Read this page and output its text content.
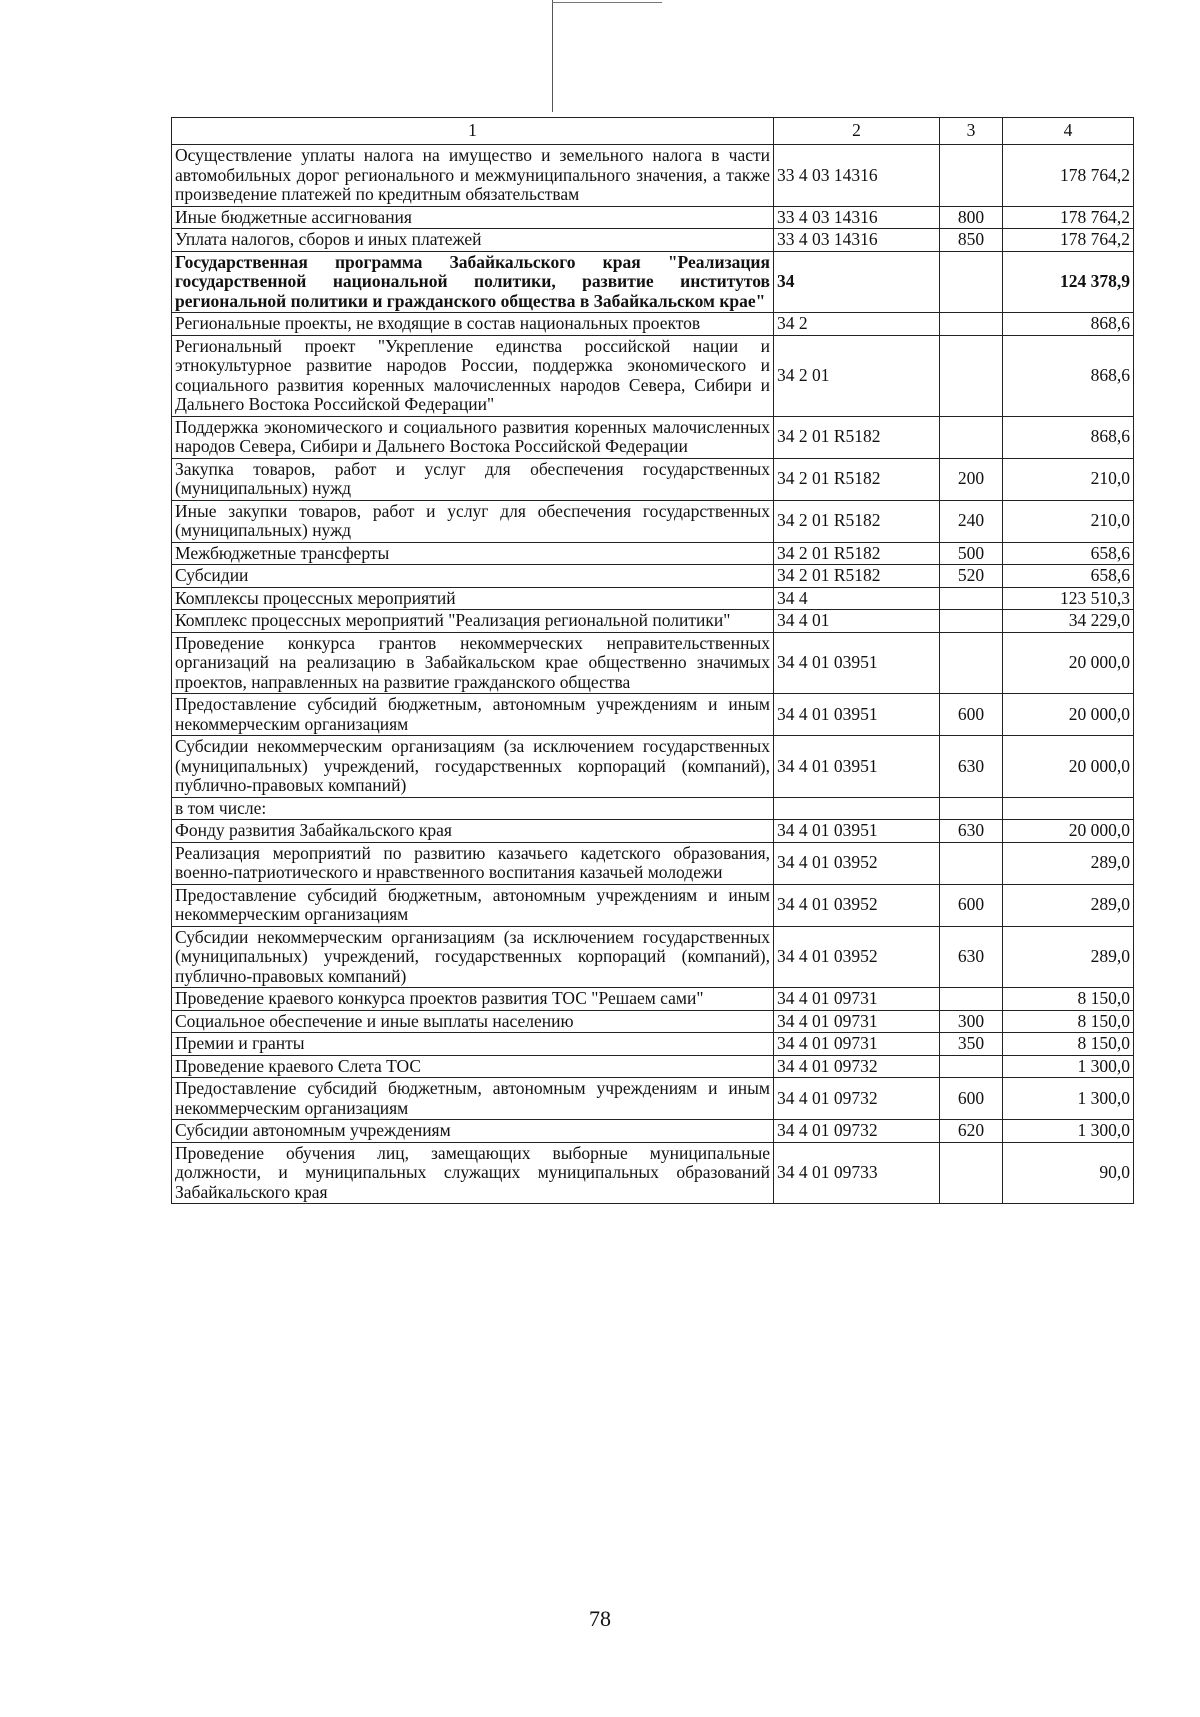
1	2	3	4
Осуществление уплаты налога на имущество и земельного налога в части автомобильных дорог регионального и межмуниципального значения, а также произведение платежей по кредитным обязательствам	33 4 03 14316		178 764,2
Иные бюджетные ассигнования	33 4 03 14316	800	178 764,2
Уплата налогов, сборов и иных платежей	33 4 03 14316	850	178 764,2
Государственная программа Забайкальского края "Реализация государственной национальной политики, развитие институтов региональной политики и гражданского общества в Забайкальском крае"	34		124 378,9
Региональные проекты, не входящие в состав национальных проектов	34 2		868,6
Региональный проект "Укрепление единства российской нации и этнокультурное развитие народов России, поддержка экономического и социального развития коренных малочисленных народов Севера, Сибири и Дальнего Востока Российской Федерации"	34 2 01		868,6
Поддержка экономического и социального развития коренных малочисленных народов Севера, Сибири и Дальнего Востока Российской Федерации	34 2 01 R5182		868,6
Закупка товаров, работ и услуг для обеспечения государственных (муниципальных) нужд	34 2 01 R5182	200	210,0
Иные закупки товаров, работ и услуг для обеспечения государственных (муниципальных) нужд	34 2 01 R5182	240	210,0
Межбюджетные трансферты	34 2 01 R5182	500	658,6
Субсидии	34 2 01 R5182	520	658,6
Комплексы процессных мероприятий	34 4		123 510,3
Комплекс процессных мероприятий "Реализация региональной политики"	34 4 01		34 229,0
Проведение конкурса грантов некоммерческих неправительственных организаций на реализацию в Забайкальском крае общественно значимых проектов, направленных на развитие гражданского общества	34 4 01 03951		20 000,0
Предоставление субсидий бюджетным, автономным учреждениям и иным некоммерческим организациям	34 4 01 03951	600	20 000,0
Субсидии некоммерческим организациям (за исключением государственных (муниципальных) учреждений, государственных корпораций (компаний), публично-правовых компаний)	34 4 01 03951	630	20 000,0
в том числе:			
Фонду развития Забайкальского края	34 4 01 03951	630	20 000,0
Реализация мероприятий по развитию казачьего кадетского образования, военно-патриотического и нравственного воспитания казачьей молодежи	34 4 01 03952		289,0
Предоставление субсидий бюджетным, автономным учреждениям и иным некоммерческим организациям	34 4 01 03952	600	289,0
Субсидии некоммерческим организациям (за исключением государственных (муниципальных) учреждений, государственных корпораций (компаний), публично-правовых компаний)	34 4 01 03952	630	289,0
Проведение краевого конкурса проектов развития ТОС "Решаем сами"	34 4 01 09731		8 150,0
Социальное обеспечение и иные выплаты населению	34 4 01 09731	300	8 150,0
Премии и гранты	34 4 01 09731	350	8 150,0
Проведение краевого Слета ТОС	34 4 01 09732		1 300,0
Предоставление субсидий бюджетным, автономным учреждениям и иным некоммерческим организациям	34 4 01 09732	600	1 300,0
Субсидии автономным учреждениям	34 4 01 09732	620	1 300,0
Проведение обучения лиц, замещающих выборные муниципальные должности, и муниципальных служащих муниципальных образований Забайкальского края	34 4 01 09733		90,0
78
